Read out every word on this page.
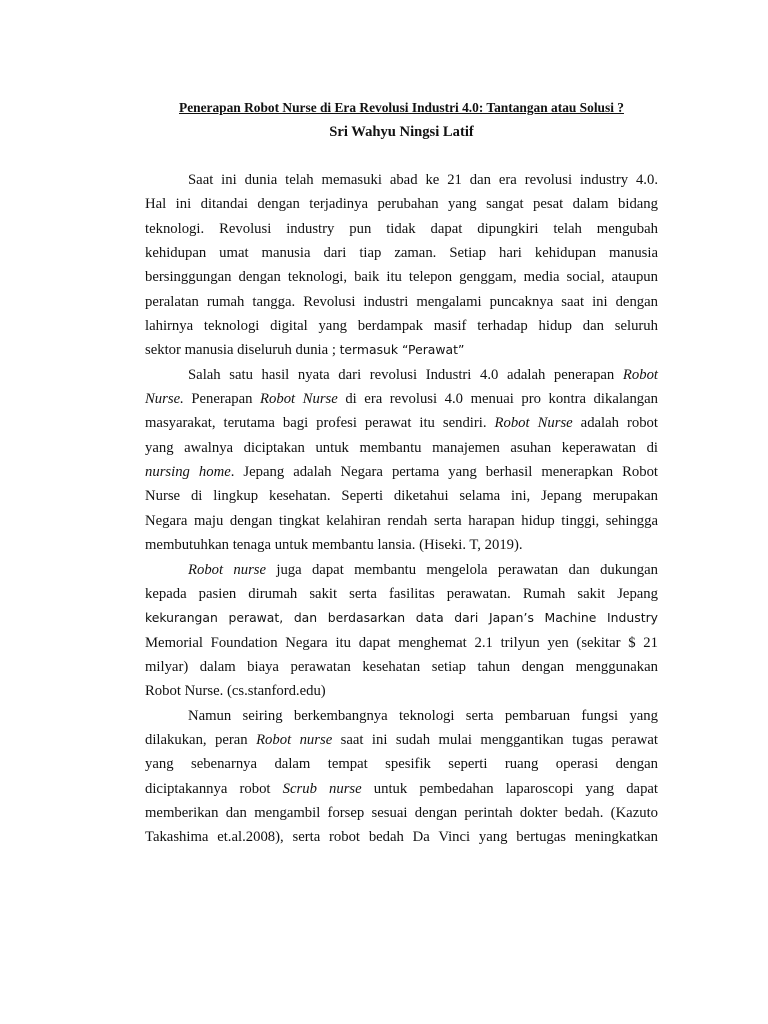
Penerapan Robot Nurse di Era Revolusi Industri 4.0: Tantangan atau Solusi ?

Sri Wahyu Ningsi Latif

Saat ini dunia telah memasuki abad ke 21 dan era revolusi industry 4.0.
Hal ini ditandai dengan terjadinya perubahan yang sangat pesat dalam bidang
teknologi. Revolusi industry pun tidak dapat dipungkiri telah mengubah
kehidupan umat manusia dari tiap zaman. Setiap hari kehidupan manusia
bersinggungan dengan teknologi, baik itu telepon genggam, media social, ataupun
peralatan rumah tangga. Revolusi industri mengalami puncaknya saat ini dengan
lahirnya teknologi digital yang berdampak masif terhadap hidup dan seluruh
sektor manusia diseluruh dunia ; termasuk “Perawat”
Salah satu hasil nyata dari revolusi Industri 4.0 adalah penerapan Robot
Nurse. Penerapan Robot Nurse di era revolusi 4.0 menuai pro kontra dikalangan
masyarakat, terutama bagi profesi perawat itu sendiri. Robot Nurse adalah robot
yang awalnya diciptakan untuk membantu manajemen asuhan keperawatan di
nursing home. Jepang adalah Negara pertama yang berhasil menerapkan Robot
Nurse di lingkup kesehatan. Seperti diketahui selama ini, Jepang merupakan
Negara maju dengan tingkat kelahiran rendah serta harapan hidup tinggi, sehingga
membutuhkan tenaga untuk membantu lansia. (Hiseki. T, 2019).
Robot nurse juga dapat membantu mengelola perawatan dan dukungan
kepada pasien dirumah sakit serta fasilitas perawatan. Rumah sakit Jepang
kekurangan perawat, dan berdasarkan data dari Japan’s Machine Industry
Memorial Foundation Negara itu dapat menghemat 2.1 trilyun yen (sekitar $ 21
milyar) dalam biaya perawatan kesehatan setiap tahun dengan menggunakan
Robot Nurse. (cs.stanford.edu)
Namun seiring berkembangnya teknologi serta pembaruan fungsi yang
dilakukan, peran Robot nurse saat ini sudah mulai menggantikan tugas perawat
yang sebenarnya dalam tempat spesifik seperti ruang operasi dengan
diciptakannya robot Scrub nurse untuk pembedahan laparoscopi yang dapat
memberikan dan mengambil forsep sesuai dengan perintah dokter bedah. (Kazuto
Takashima et.al.2008), serta robot bedah Da Vinci yang bertugas meningkatkan
